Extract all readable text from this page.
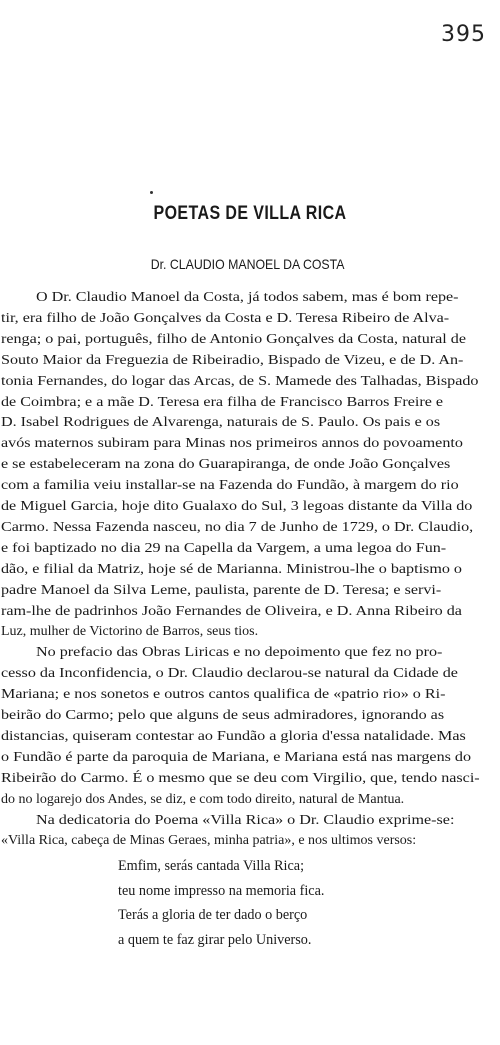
395
POETAS DE VILLA RICA
Dr. CLAUDIO MANOEL DA COSTA
O Dr. Claudio Manoel da Costa, já todos sabem, mas é bom repe-
tir, era filho de João Gonçalves da Costa e D. Teresa Ribeiro de Alva-
renga; o pai, português, filho de Antonio Gonçalves da Costa, natural de
Souto Maior da Freguezia de Ribeiradio, Bispado de Vizeu, e de D. An-
tonia Fernandes, do logar das Arcas, de S. Mamede des Talhadas, Bispado
de Coimbra; e a mãe D. Teresa era filha de Francisco Barros Freire e
D. Isabel Rodrigues de Alvarenga, naturais de S. Paulo. Os pais e os
avós maternos subiram para Minas nos primeiros annos do povoamento
e se estabeleceram na zona do Guarapiranga, de onde João Gonçalves
com a familia veiu installar-se na Fazenda do Fundão, à margem do rio
de Miguel Garcia, hoje dito Gualaxo do Sul, 3 legoas distante da Villa do
Carmo. Nessa Fazenda nasceu, no dia 7 de Junho de 1729, o Dr. Claudio,
e foi baptizado no dia 29 na Capella da Vargem, a uma legoa do Fun-
dão, e filial da Matriz, hoje sé de Marianna. Ministrou-lhe o baptismo o
padre Manoel da Silva Leme, paulista, parente de D. Teresa; e servi-
ram-lhe de padrinhos João Fernandes de Oliveira, e D. Anna Ribeiro da
Luz, mulher de Victorino de Barros, seus tios.
No prefacio das Obras Liricas e no depoimento que fez no pro-
cesso da Inconfidencia, o Dr. Claudio declarou-se natural da Cidade de
Mariana; e nos sonetos e outros cantos qualifica de «patrio rio» o Ri-
beirão do Carmo; pelo que alguns de seus admiradores, ignorando as
distancias, quiseram contestar ao Fundão a gloria d'essa natalidade. Mas
o Fundão é parte da paroquia de Mariana, e Mariana está nas margens do
Ribeirão do Carmo. É o mesmo que se deu com Virgilio, que, tendo nasci-
do no logarejo dos Andes, se diz, e com todo direito, natural de Mantua.
Na dedicatoria do Poema «Villa Rica» o Dr. Claudio exprime-se:
«Villa Rica, cabeça de Minas Geraes, minha patria», e nos ultimos versos:
Emfim, serás cantada Villa Rica;
teu nome impresso na memoria fica.
Terás a gloria de ter dado o berço
a quem te faz girar pelo Universo.
